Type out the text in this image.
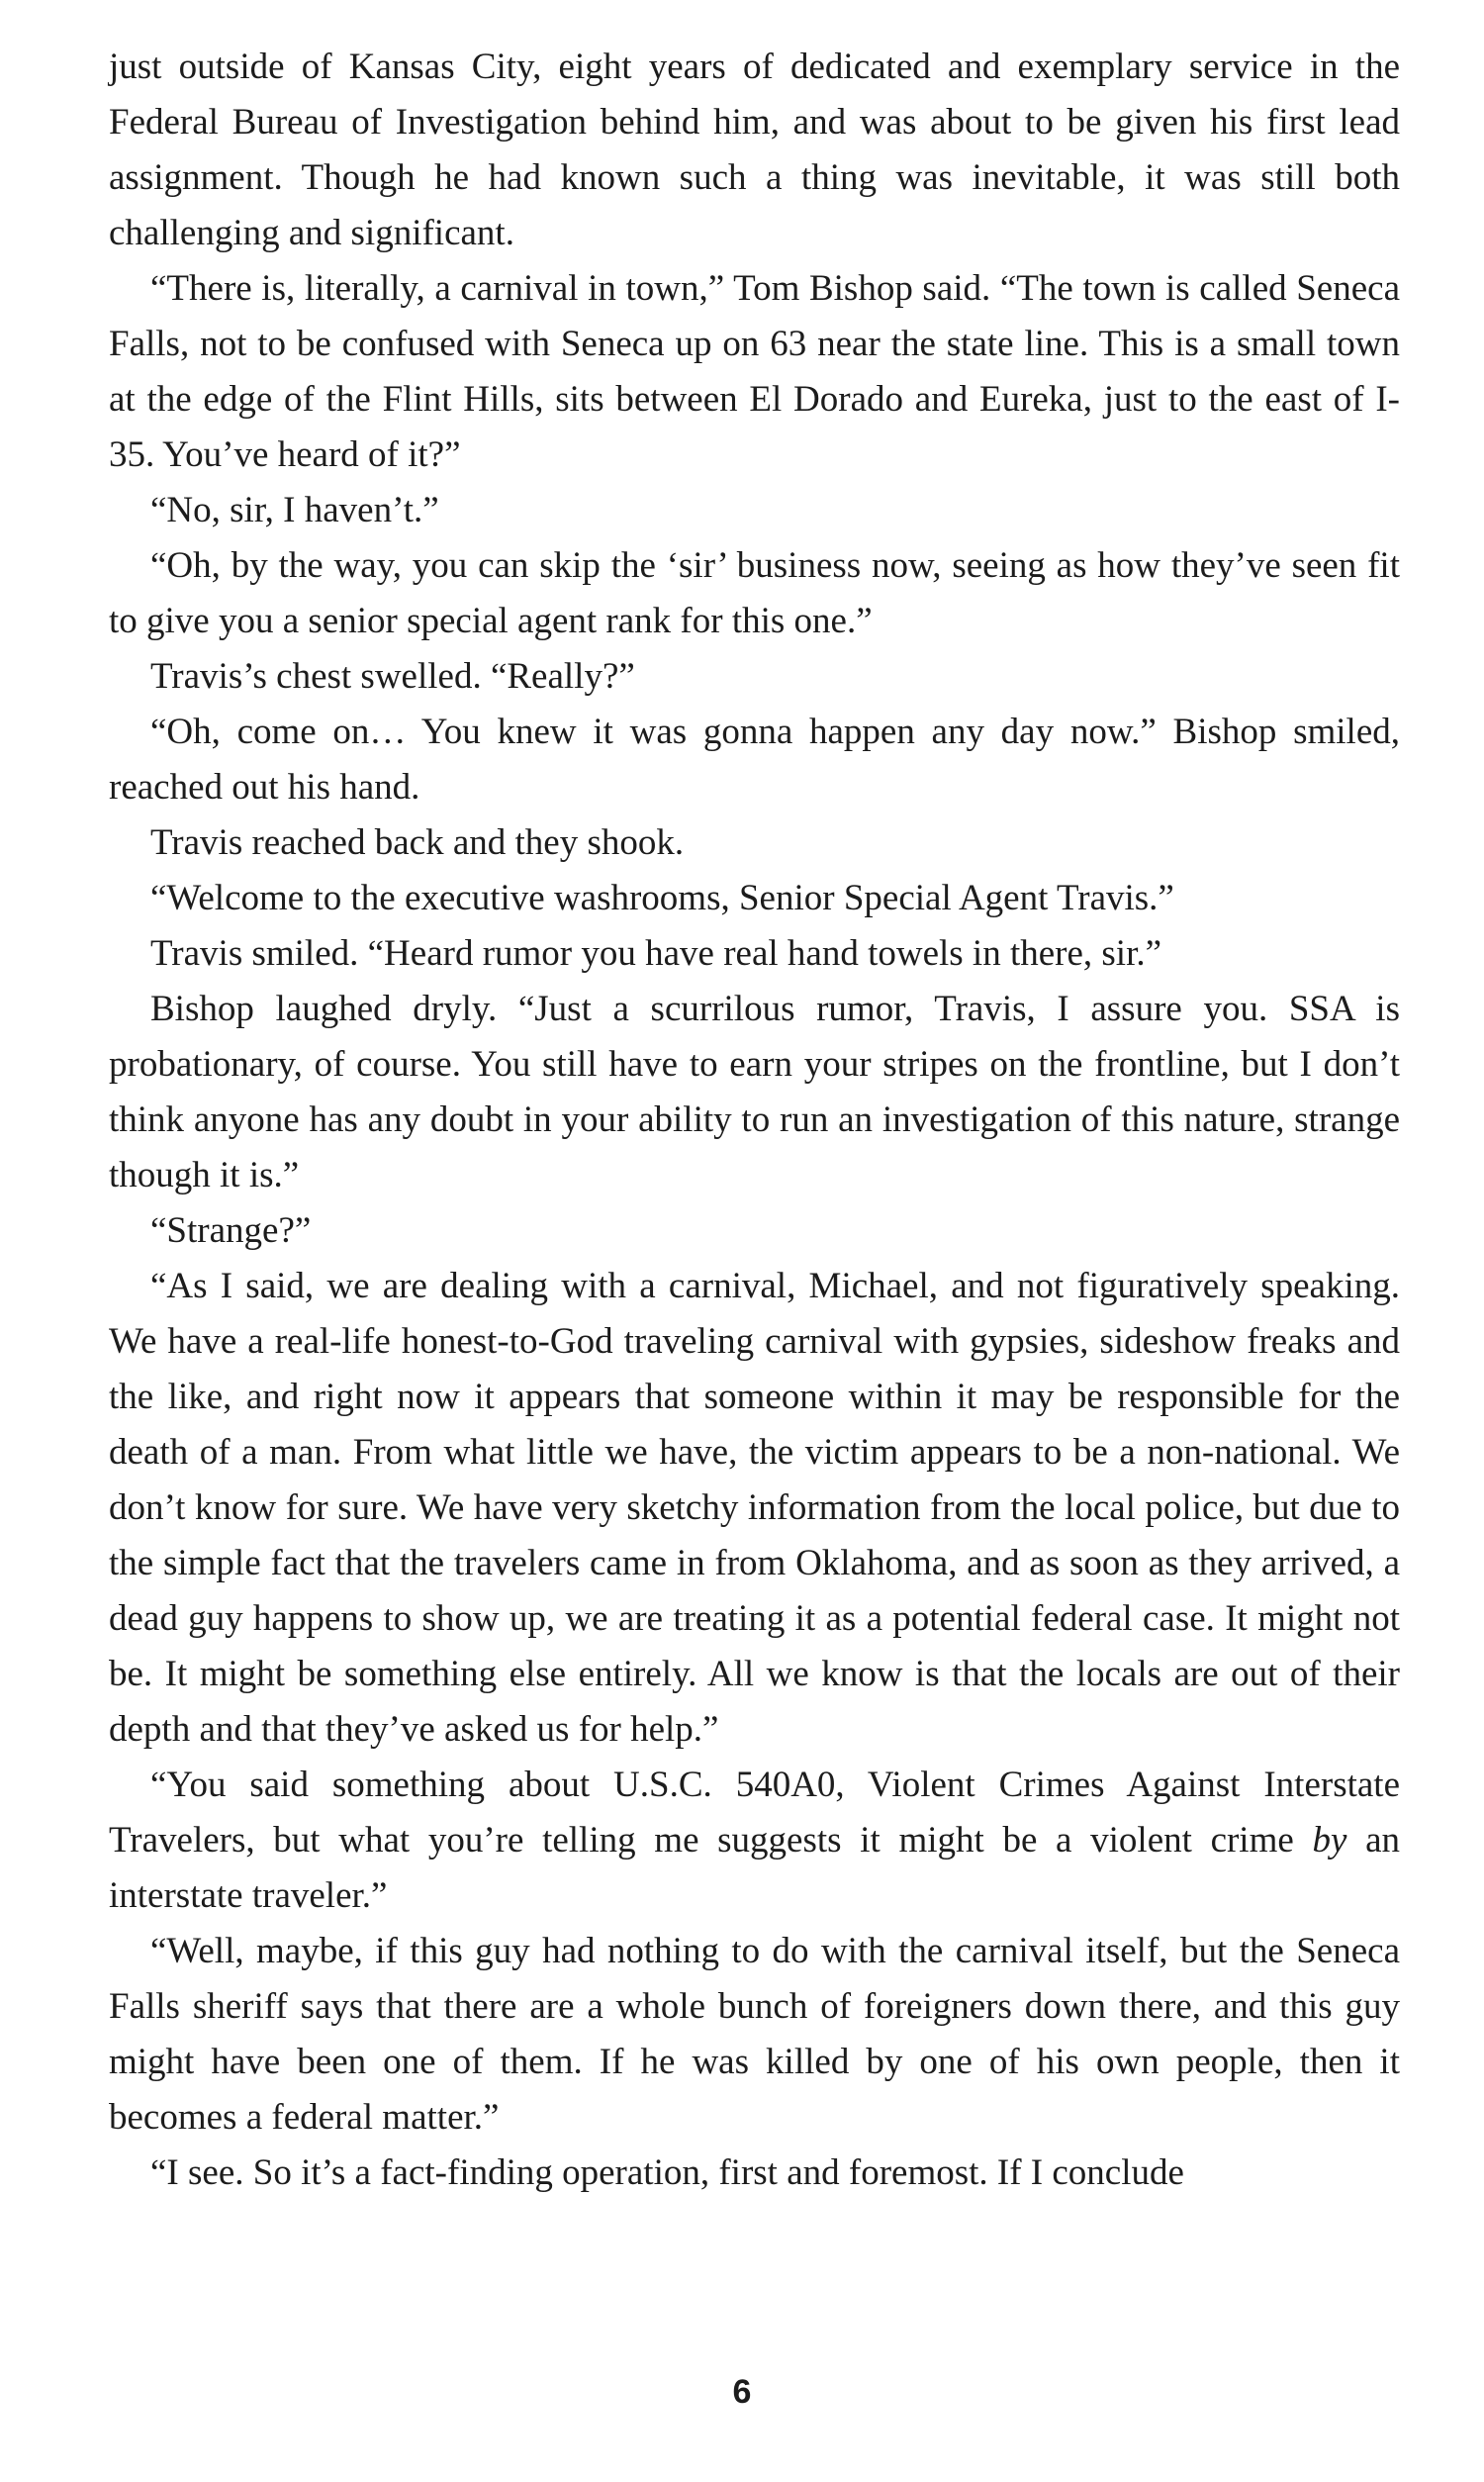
just outside of Kansas City, eight years of dedicated and exemplary service in the Federal Bureau of Investigation behind him, and was about to be given his first lead assignment. Though he had known such a thing was inevitable, it was still both challenging and significant.

“There is, literally, a carnival in town,” Tom Bishop said. “The town is called Seneca Falls, not to be confused with Seneca up on 63 near the state line. This is a small town at the edge of the Flint Hills, sits between El Dorado and Eureka, just to the east of I-35. You’ve heard of it?”

“No, sir, I haven’t.”

“Oh, by the way, you can skip the ‘sir’ business now, seeing as how they’ve seen fit to give you a senior special agent rank for this one.”

Travis’s chest swelled. “Really?”

“Oh, come on… You knew it was gonna happen any day now.” Bishop smiled, reached out his hand.

Travis reached back and they shook.

“Welcome to the executive washrooms, Senior Special Agent Travis.”

Travis smiled. “Heard rumor you have real hand towels in there, sir.”

Bishop laughed dryly. “Just a scurrilous rumor, Travis, I assure you. SSA is probationary, of course. You still have to earn your stripes on the frontline, but I don’t think anyone has any doubt in your ability to run an investigation of this nature, strange though it is.”

“Strange?”

“As I said, we are dealing with a carnival, Michael, and not figuratively speaking. We have a real-life honest-to-God traveling carnival with gypsies, sideshow freaks and the like, and right now it appears that someone within it may be responsible for the death of a man. From what little we have, the victim appears to be a non-national. We don’t know for sure. We have very sketchy information from the local police, but due to the simple fact that the travelers came in from Oklahoma, and as soon as they arrived, a dead guy happens to show up, we are treating it as a potential federal case. It might not be. It might be something else entirely. All we know is that the locals are out of their depth and that they’ve asked us for help.”

“You said something about U.S.C. 540A0, Violent Crimes Against Interstate Travelers, but what you’re telling me suggests it might be a violent crime by an interstate traveler.”

“Well, maybe, if this guy had nothing to do with the carnival itself, but the Seneca Falls sheriff says that there are a whole bunch of foreigners down there, and this guy might have been one of them. If he was killed by one of his own people, then it becomes a federal matter.”

“I see. So it’s a fact-finding operation, first and foremost. If I conclude

6
